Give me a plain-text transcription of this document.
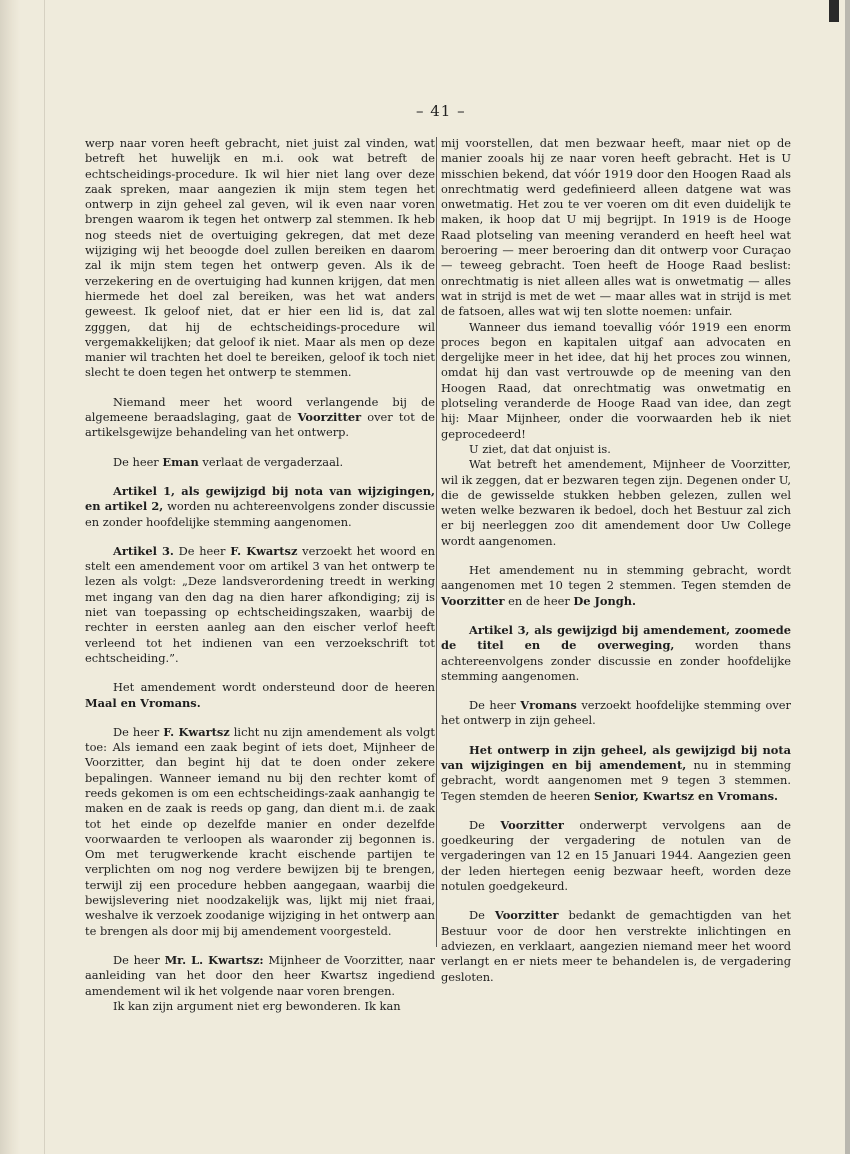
– 41 –

werp naar voren heeft gebracht, niet juist zal vinden, wat betreft het huwelijk en m.i. ook wat betreft de echtscheidings-procedure. Ik wil hier niet lang over deze zaak spreken, maar aangezien ik mijn stem tegen het ontwerp in zijn geheel zal geven, wil ik even naar voren brengen waarom ik tegen het ontwerp zal stemmen. Ik heb nog steeds niet de overtuiging gekregen, dat met deze wijziging wij het beoogde doel zullen bereiken en daarom zal ik mijn stem tegen het ontwerp geven. Als ik de verzekering en de overtuiging had kunnen krijgen, dat men hiermede het doel zal bereiken, was het wat anders geweest. Ik geloof niet, dat er hier een lid is, dat zal zgggen, dat hij de echtscheidings-procedure wil vergemakkelijken; dat geloof ik niet. Maar als men op deze manier wil trachten het doel te bereiken, geloof ik toch niet slecht te doen tegen het ontwerp te stemmen.

Niemand meer het woord verlangende bij de algemeene beraadslaging, gaat de Voorzitter over tot de artikelsgewijze behandeling van het ontwerp.

De heer Eman verlaat de vergaderzaal.

Artikel 1, als gewijzigd bij nota van wijzigingen, en artikel 2, worden nu achtereenvolgens zonder discussie en zonder hoofdelijke stemming aangenomen.

Artikel 3. De heer F. Kwartsz verzoekt het woord en stelt een amendement voor om artikel 3 van het ontwerp te lezen als volgt: „Deze landsverordening treedt in werking met ingang van den dag na dien harer afkondiging; zij is niet van toepassing op echtscheidingszaken, waarbij de rechter in eersten aanleg aan den eischer verlof heeft verleend tot het indienen van een verzoekschrift tot echtscheiding.”.

Het amendement wordt ondersteund door de heeren Maal en Vromans.

De heer F. Kwartsz licht nu zijn amendement als volgt toe: Als iemand een zaak begint of iets doet, Mijnheer de Voorzitter, dan begint hij dat te doen onder zekere bepalingen. Wanneer iemand nu bij den rechter komt of reeds gekomen is om een echtscheidings-zaak aanhangig te maken en de zaak is reeds op gang, dan dient m.i. de zaak tot het einde op dezelfde manier en onder dezelfde voorwaarden te verloopen als waaronder zij begonnen is. Om met terugwerkende kracht eischende partijen te verplichten om nog nog verdere bewijzen bij te brengen, terwijl zij een procedure hebben aangegaan, waarbij die bewijslevering niet noodzakelijk was, lijkt mij niet fraai, weshalve ik verzoek zoodanige wijziging in het ontwerp aan te brengen als door mij bij amendement voorgesteld.

De heer Mr. L. Kwartsz: Mijnheer de Voorzitter, naar aanleiding van het door den heer Kwartsz ingediend amendement wil ik het volgende naar voren brengen.

Ik kan zijn argument niet erg bewonderen. Ik kan

mij voorstellen, dat men bezwaar heeft, maar niet op de manier zooals hij ze naar voren heeft gebracht. Het is U misschien bekend, dat vóór 1919 door den Hoogen Raad als onrechtmatig werd gedefinieerd alleen datgene wat was onwetmatig. Het zou te ver voeren om dit even duidelijk te maken, ik hoop dat U mij begrijpt. In 1919 is de Hooge Raad plotseling van meening veranderd en heeft heel wat beroering — meer beroering dan dit ontwerp voor Curaçao — teweeg gebracht. Toen heeft de Hooge Raad beslist: onrechtmatig is niet alleen alles wat is onwetmatig — alles wat in strijd is met de wet — maar alles wat in strijd is met de fatsoen, alles wat wij ten slotte noemen: unfair.

Wanneer dus iemand toevallig vóór 1919 een enorm proces begon en kapitalen uitgaf aan advocaten en dergelijke meer in het idee, dat hij het proces zou winnen, omdat hij dan vast vertrouwde op de meening van den Hoogen Raad, dat onrechtmatig was onwetmatig en plotseling veranderde de Hooge Raad van idee, dan zegt hij: Maar Mijnheer, onder die voorwaarden heb ik niet geprocedeerd!

U ziet, dat dat onjuist is.

Wat betreft het amendement, Mijnheer de Voorzitter, wil ik zeggen, dat er bezwaren tegen zijn. Degenen onder U, die de gewisselde stukken hebben gelezen, zullen wel weten welke bezwaren ik bedoel, doch het Bestuur zal zich er bij neerleggen zoo dit amendement door Uw College wordt aangenomen.

Het amendement nu in stemming gebracht, wordt aangenomen met 10 tegen 2 stemmen. Tegen stemden de Voorzitter en de heer De Jongh.

Artikel 3, als gewijzigd bij amendement, zoomede de titel en de overweging, worden thans achtereenvolgens zonder discussie en zonder hoofdelijke stemming aangenomen.

De heer Vromans verzoekt hoofdelijke stemming over het ontwerp in zijn geheel.

Het ontwerp in zijn geheel, als gewijzigd bij nota van wijzigingen en bij amendement, nu in stemming gebracht, wordt aangenomen met 9 tegen 3 stemmen. Tegen stemden de heeren Senior, Kwartsz en Vromans.

De Voorzitter onderwerpt vervolgens aan de goedkeuring der vergadering de notulen van de vergaderingen van 12 en 15 Januari 1944. Aangezien geen der leden hiertegen eenig bezwaar heeft, worden deze notulen goedgekeurd.

De Voorzitter bedankt de gemachtigden van het Bestuur voor de door hen verstrekte inlichtingen en adviezen, en verklaart, aangezien niemand meer het woord verlangt en er niets meer te behandelen is, de vergadering gesloten.
